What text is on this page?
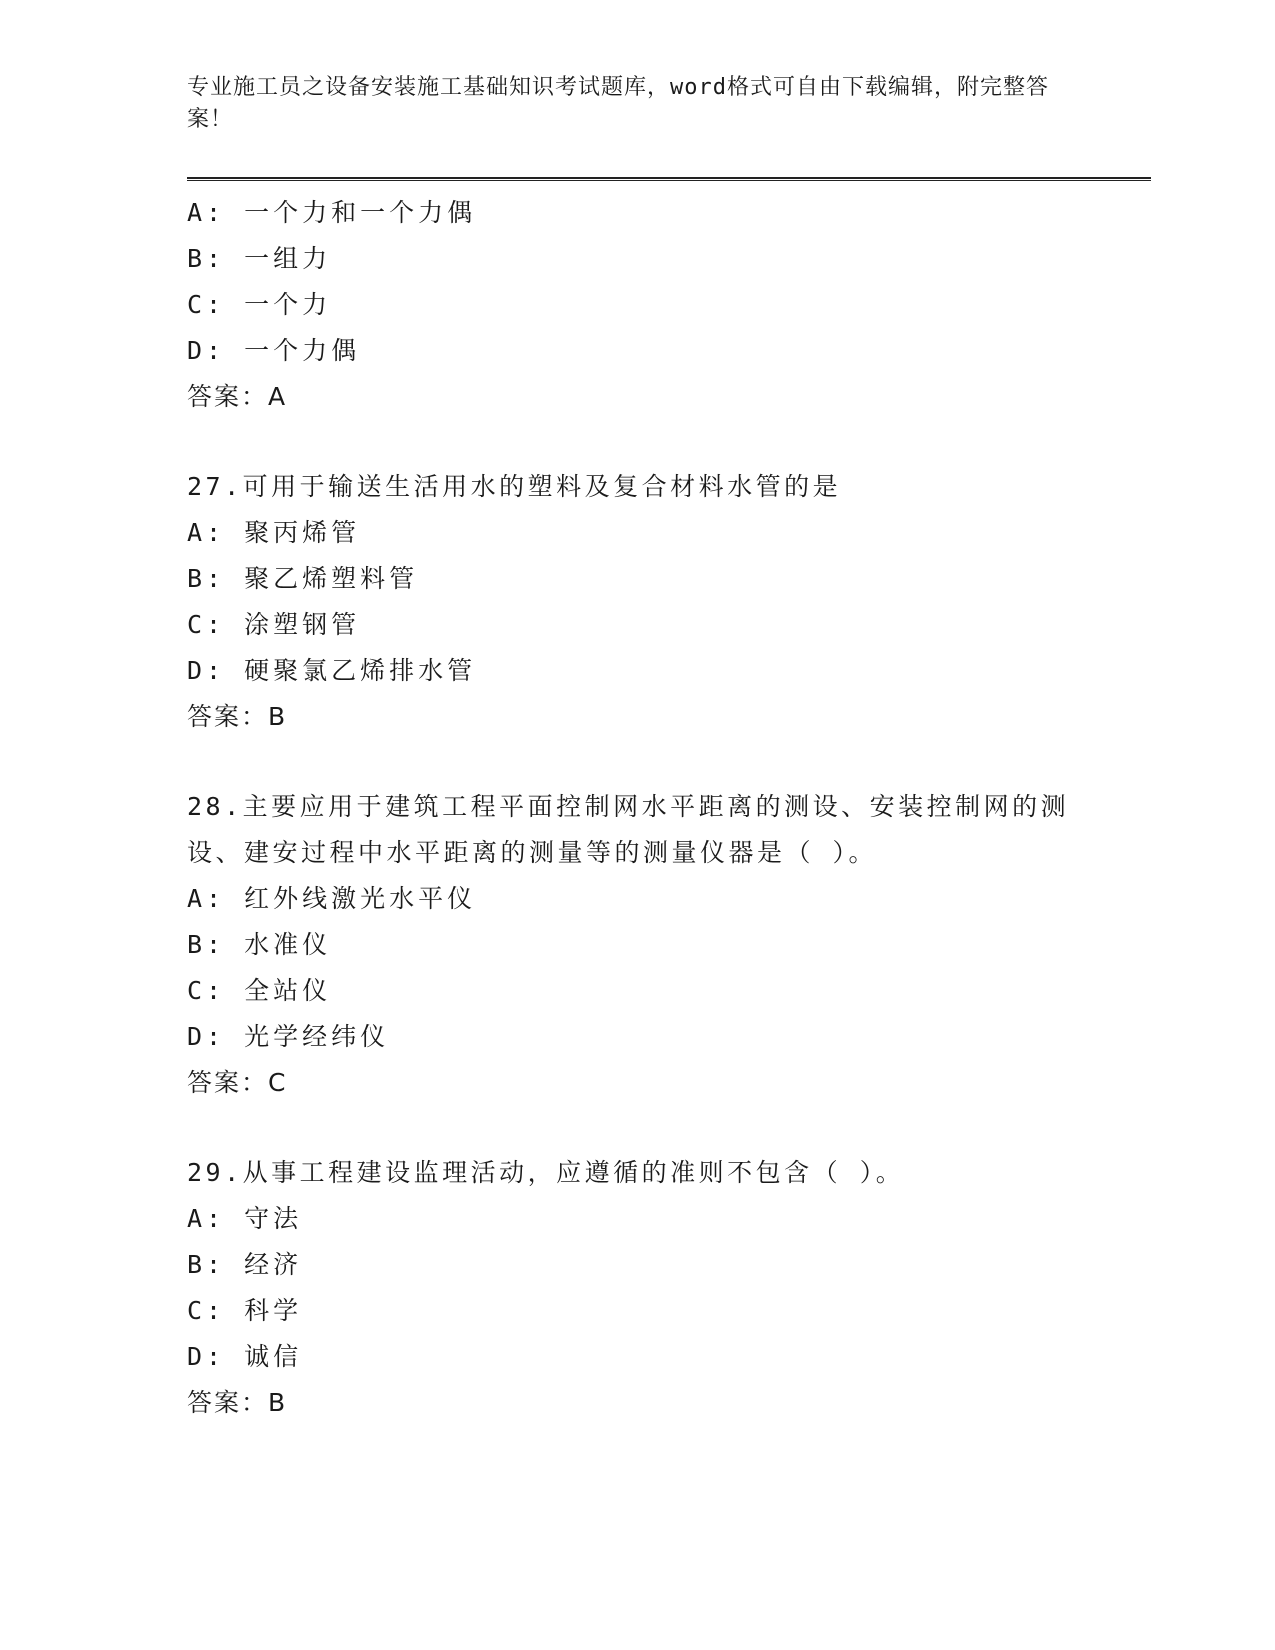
专业施工员之设备安装施工基础知识考试题库，word格式可自由下载编辑，附完整答案！
A: 一个力和一个力偶
B: 一组力
C: 一个力
D: 一个力偶
答案：A
27.可用于输送生活用水的塑料及复合材料水管的是
A: 聚丙烯管
B: 聚乙烯塑料管
C: 涂塑钢管
D: 硬聚氯乙烯排水管
答案：B
28.主要应用于建筑工程平面控制网水平距离的测设、安装控制网的测设、建安过程中水平距离的测量等的测量仪器是（ ）。
A: 红外线激光水平仪
B: 水准仪
C: 全站仪
D: 光学经纬仪
答案：C
29.从事工程建设监理活动，应遵循的准则不包含（ ）。
A: 守法
B: 经济
C: 科学
D: 诚信
答案：B
